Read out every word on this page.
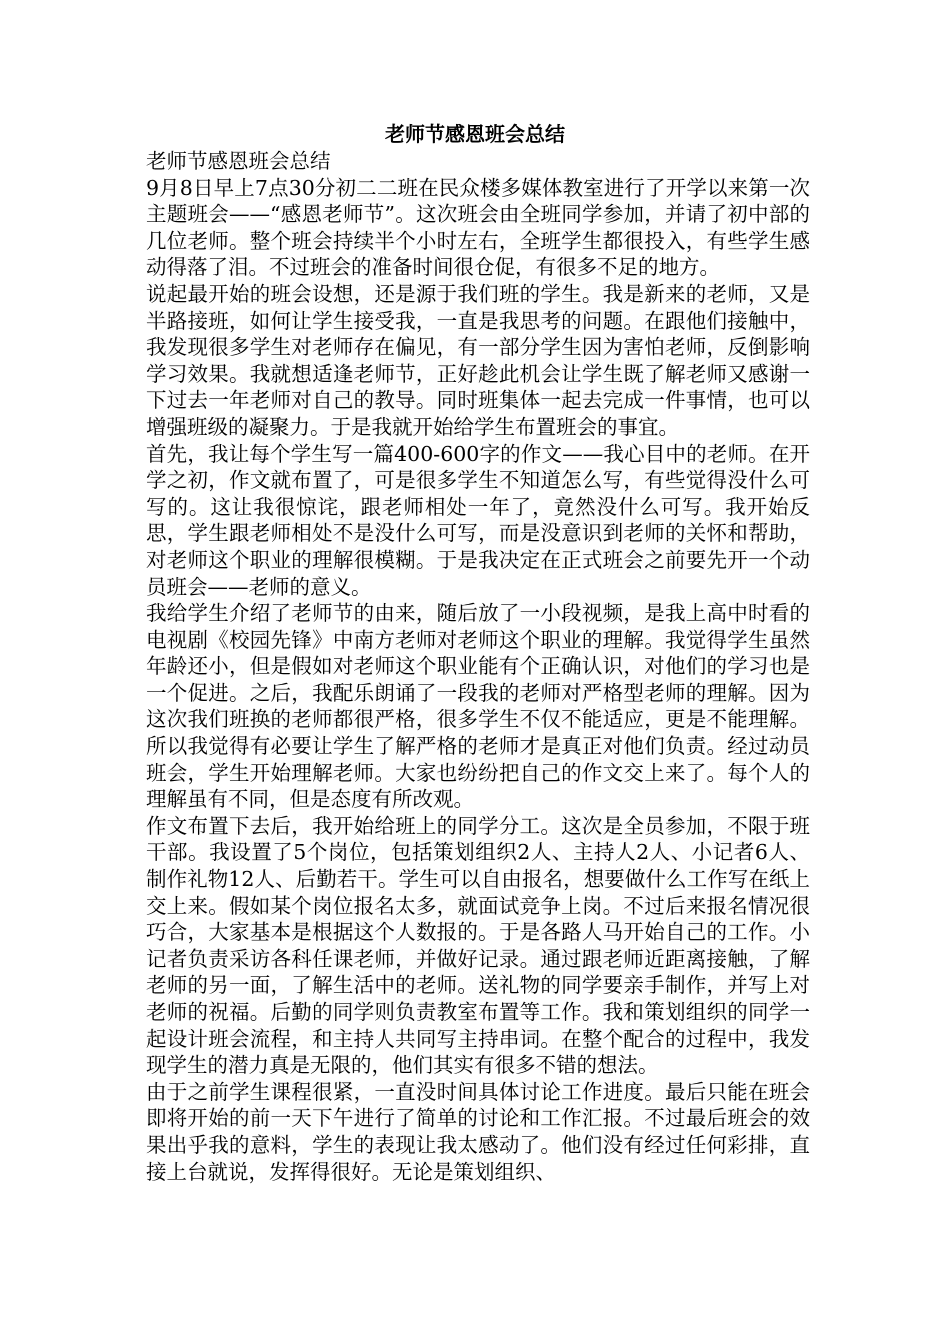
老师节感恩班会总结

老师节感恩班会总结

9月8日早上7点30分初二二班在民众楼多媒体教室进行了开学以来第一次主题班会——“感恩老师节”。这次班会由全班同学参加，并请了初中部的几位老师。整个班会持续半个小时左右，全班学生都很投入，有些学生感动得落了泪。不过班会的准备时间很仓促，有很多不足的地方。

说起最开始的班会设想，还是源于我们班的学生。我是新来的老师，又是半路接班，如何让学生接受我，一直是我思考的问题。在跟他们接触中，我发现很多学生对老师存在偏见，有一部分学生因为害怕老师，反倒影响学习效果。我就想适逢老师节，正好趁此机会让学生既了解老师又感谢一下过去一年老师对自己的教导。同时班集体一起去完成一件事情，也可以增强班级的凝聚力。于是我就开始给学生布置班会的事宜。

首先，我让每个学生写一篇400-600字的作文——我心目中的老师。在开学之初，作文就布置了，可是很多学生不知道怎么写，有些觉得没什么可写的。这让我很惊诧，跟老师相处一年了，竟然没什么可写。我开始反思，学生跟老师相处不是没什么可写，而是没意识到老师的关怀和帮助，对老师这个职业的理解很模糊。于是我决定在正式班会之前要先开一个动员班会——老师的意义。

我给学生介绍了老师节的由来，随后放了一小段视频，是我上高中时看的电视剧《校园先锋》中南方老师对老师这个职业的理解。我觉得学生虽然年龄还小，但是假如对老师这个职业能有个正确认识，对他们的学习也是一个促进。之后，我配乐朗诵了一段我的老师对严格型老师的理解。因为这次我们班换的老师都很严格，很多学生不仅不能适应，更是不能理解。所以我觉得有必要让学生了解严格的老师才是真正对他们负责。经过动员班会，学生开始理解老师。大家也纷纷把自己的作文交上来了。每个人的理解虽有不同，但是态度有所改观。

作文布置下去后，我开始给班上的同学分工。这次是全员参加，不限于班干部。我设置了5个岗位，包括策划组织2人、主持人2人、小记者6人、制作礼物12人、后勤若干。学生可以自由报名，想要做什么工作写在纸上交上来。假如某个岗位报名太多，就面试竞争上岗。不过后来报名情况很巧合，大家基本是根据这个人数报的。于是各路人马开始自己的工作。小记者负责采访各科任课老师，并做好记录。通过跟老师近距离接触，了解老师的另一面，了解生活中的老师。送礼物的同学要亲手制作，并写上对老师的祝福。后勤的同学则负责教室布置等工作。我和策划组织的同学一起设计班会流程，和主持人共同写主持串词。在整个配合的过程中，我发现学生的潜力真是无限的，他们其实有很多不错的想法。

由于之前学生课程很紧，一直没时间具体讨论工作进度。最后只能在班会即将开始的前一天下午进行了简单的讨论和工作汇报。不过最后班会的效果出乎我的意料，学生的表现让我太感动了。他们没有经过任何彩排，直接上台就说，发挥得很好。无论是策划组织、
